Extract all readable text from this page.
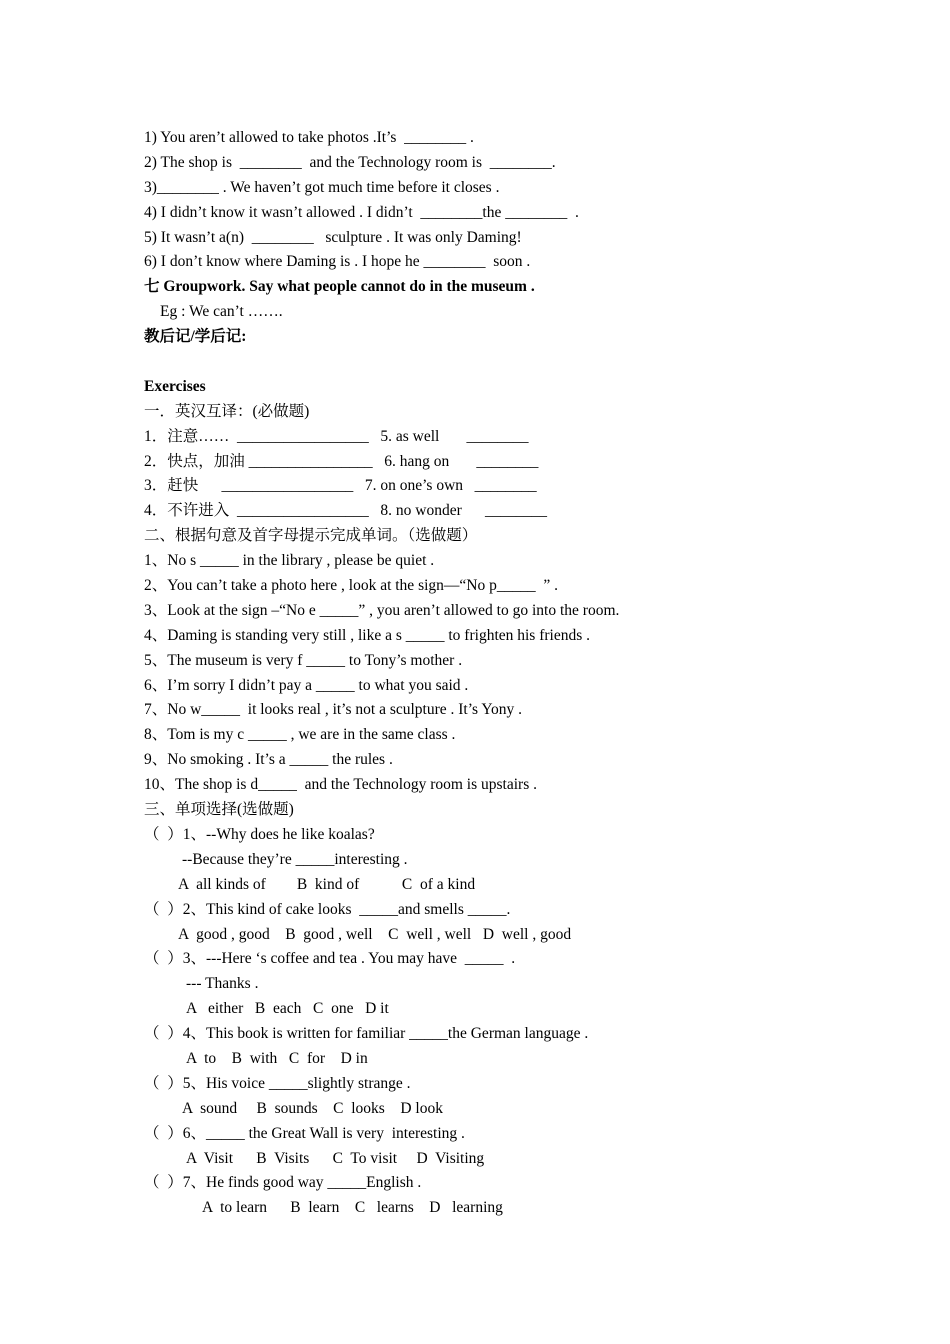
1) You aren’t allowed to take photos .It’s  ________ .
2) The shop is  ________  and the Technology room is  ________.
3)________ . We haven’t got much time before it closes .
4) I didn’t know it wasn’t allowed . I didn’t  ________the ________  .
5) It wasn’t a(n)  ________   sculpture . It was only Daming!
6) I don’t know where Daming is . I hope he ________  soon .
七 Groupwork. Say what people cannot do in the museum .
Eg : We can’t …….
教后记/学后记:
Exercises
一．英汉互译：(必做题)
1．注意……  _________________   5. as well       ________
2．快点，加油 ________________   6. hang on       ________
3．赶快      _________________   7. on one’s own   ________
4．不许进入  _________________   8. no wonder      ________
二、根据句意及首字母提示完成单词。（选做题）
1、No s _____ in the library , please be quiet .
2、You can’t take a photo here , look at the sign—“No p_____  ” .
3、Look at the sign –“No e _____” , you aren’t allowed to go into the room.
4、Daming is standing very still , like a s _____ to frighten his friends .
5、The museum is very f _____ to Tony’s mother .
6、I’m sorry I didn’t pay a _____ to what you said .
7、No w_____  it looks real , it’s not a sculpture . It’s Yony .
8、Tom is my c _____ , we are in the same class .
9、No smoking . It’s a _____ the rules .
10、The shop is d_____  and the Technology room is upstairs .
三、单项选择(选做题)
（  ）1、--Why does he like koalas?
--Because they’re _____interesting .
A  all kinds of        B  kind of           C  of a kind
（  ）2、This kind of cake looks  _____and smells _____.
A  good , good    B  good , well    C  well , well   D  well , good
（  ）3、---Here ‘s coffee and tea . You may have  _____  .
--- Thanks .
A   either   B  each   C  one   D it
（  ）4、This book is written for familiar _____the German language .
A  to    B  with   C  for    D in
（  ）5、His voice _____slightly strange .
A  sound     B  sounds    C  looks    D look
（  ）6、_____ the Great Wall is very  interesting .
A  Visit      B  Visits      C  To visit     D  Visiting
（  ）7、He finds good way _____English .
A  to learn      B  learn    C   learns    D   learning
